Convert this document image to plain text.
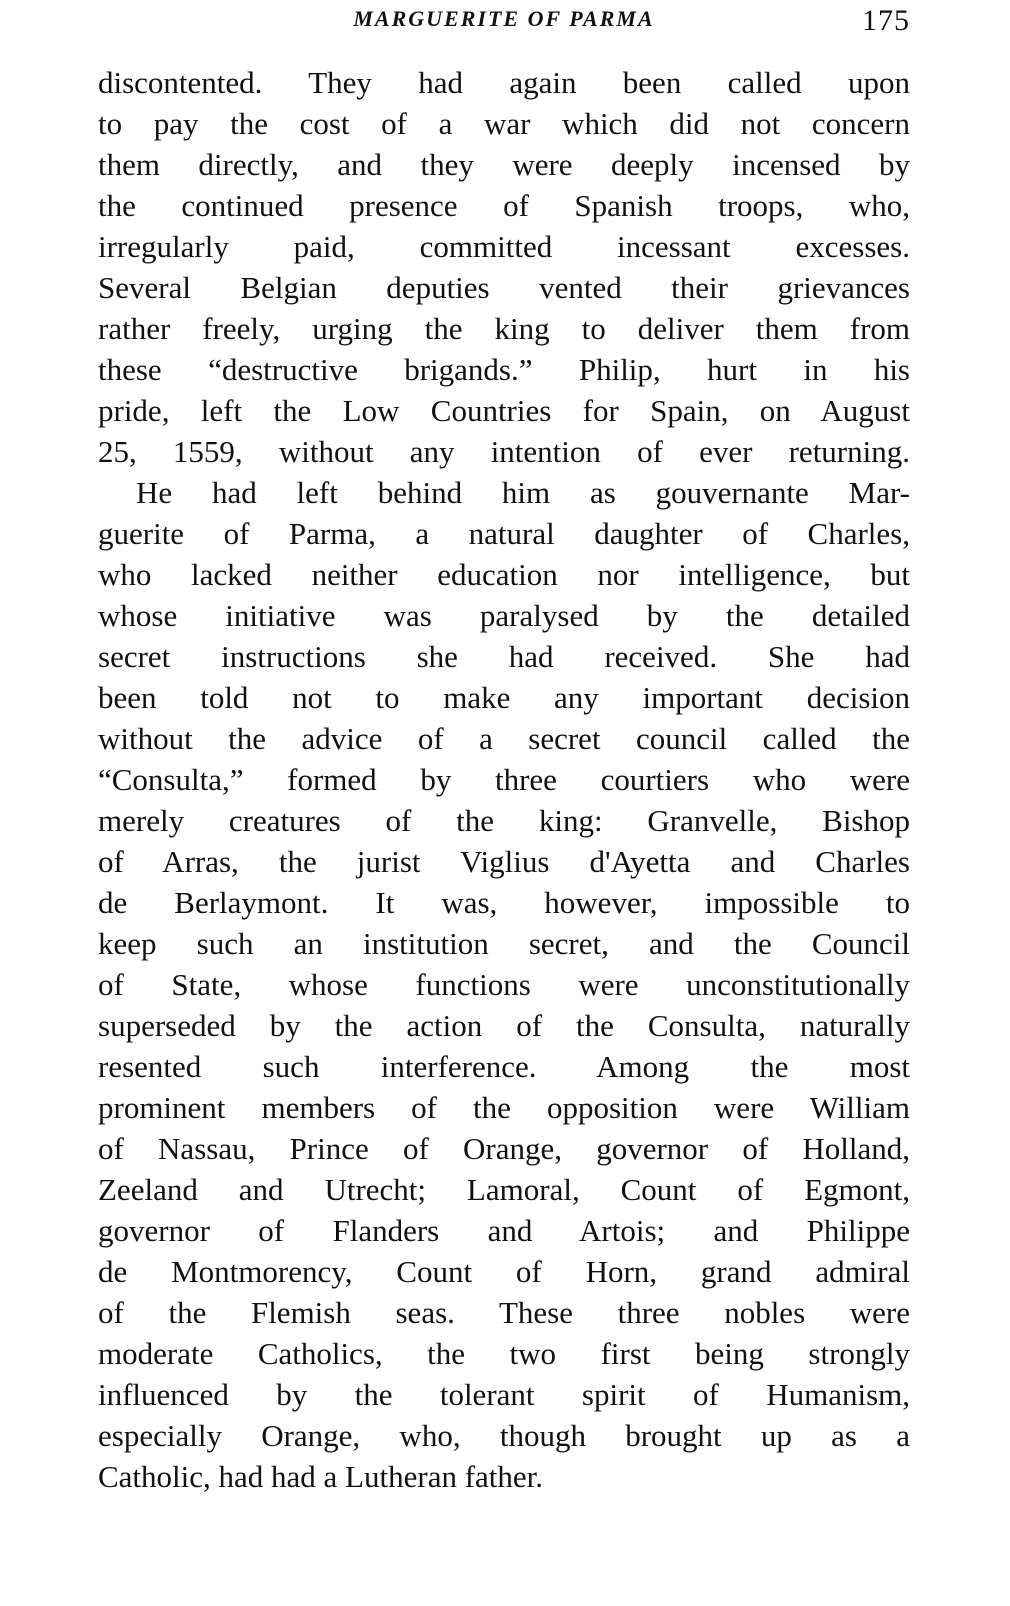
MARGUERITE OF PARMA	175
discontented. They had again been called upon
to pay the cost of a war which did not concern
them directly, and they were deeply incensed by
the continued presence of Spanish troops, who,
irregularly paid, committed incessant excesses.
Several Belgian deputies vented their grievances
rather freely, urging the king to deliver them from
these “destructive brigands.” Philip, hurt in his
pride, left the Low Countries for Spain, on August
25, 1559, without any intention of ever returning.
He had left behind him as gouvernante Mar-
guerite of Parma, a natural daughter of Charles,
who lacked neither education nor intelligence, but
whose initiative was paralysed by the detailed
secret instructions she had received. She had
been told not to make any important decision
without the advice of a secret council called the
“Consulta,” formed by three courtiers who were
merely creatures of the king: Granvelle, Bishop
of Arras, the jurist Viglius d'Ayetta and Charles
de Berlaymont. It was, however, impossible to
keep such an institution secret, and the Council
of State, whose functions were unconstitutionally
superseded by the action of the Consulta, naturally
resented such interference. Among the most
prominent members of the opposition were William
of Nassau, Prince of Orange, governor of Holland,
Zeeland and Utrecht; Lamoral, Count of Egmont,
governor of Flanders and Artois; and Philippe
de Montmorency, Count of Horn, grand admiral
of the Flemish seas. These three nobles were
moderate Catholics, the two first being strongly
influenced by the tolerant spirit of Humanism,
especially Orange, who, though brought up as a
Catholic, had had a Lutheran father.
